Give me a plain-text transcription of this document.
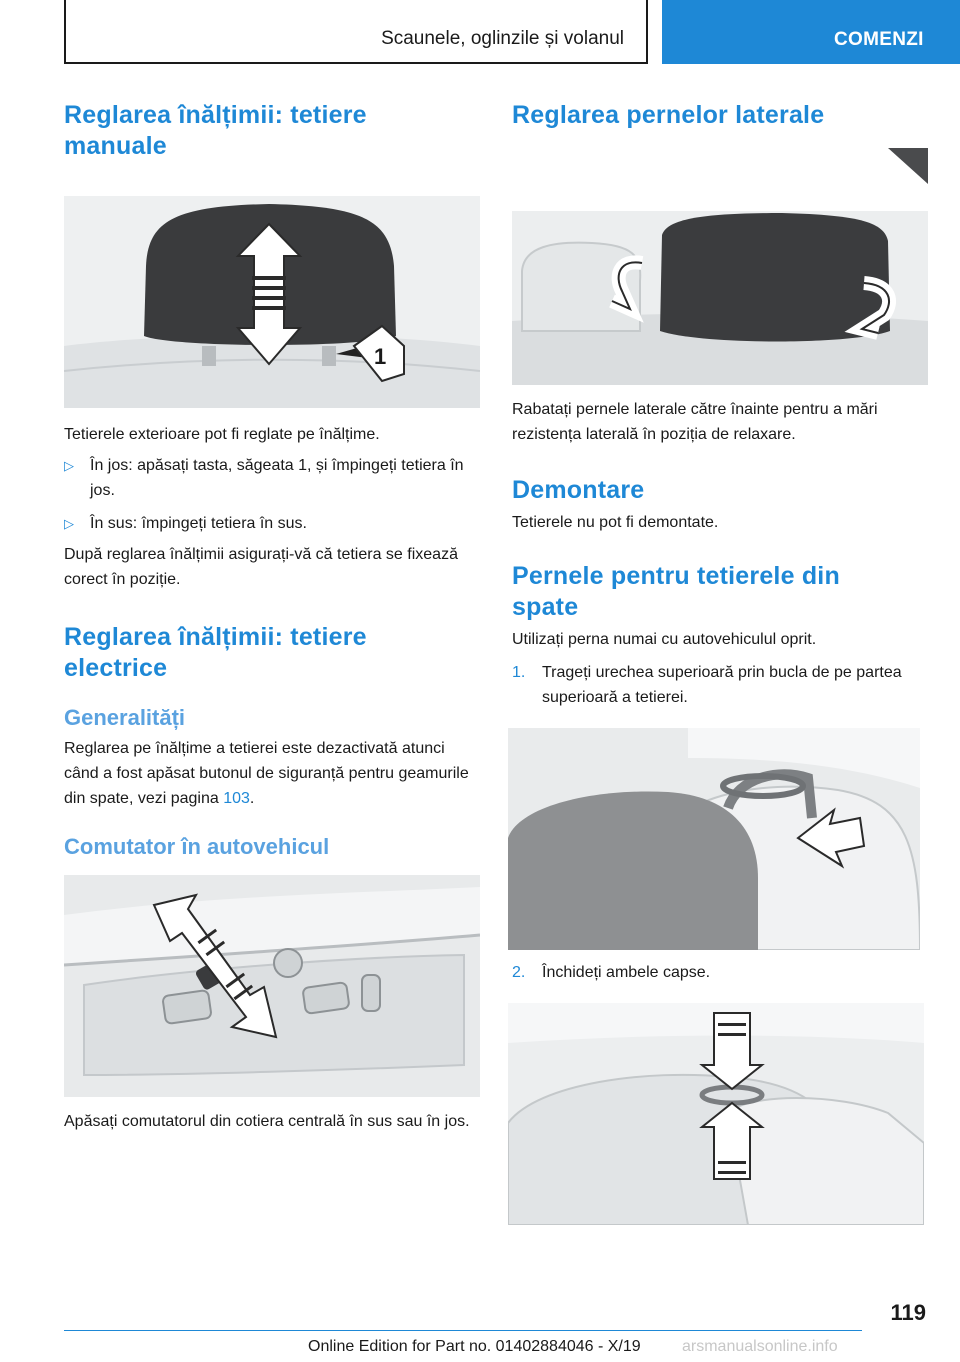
Scaunele, oglinzile și volanul	COMENZI
Reglarea înălțimii: tetiere manuale
1

Tetierele exterioare pot fi reglate pe înălțime.

▷ În jos: apăsați tasta, săgeata 1, și împingeți tetiera în jos.
▷ În sus: împingeți tetiera în sus.

După reglarea înălțimii asigurați-vă că tetiera se fixează corect în poziție.

Reglarea înălțimii: tetiere electrice
Generalități

Reglarea pe înălțime a tetierei este dezactivată atunci când a fost apăsat butonul de siguranță pentru geamurile din spate, vezi pagina 103.

Comutator în autovehicul

Apăsați comutatorul din cotiera centrală în sus sau în jos.

Reglarea pernelor laterale

Rabatați pernele laterale către înainte pentru a mări rezistența laterală în poziția de relaxare.

Demontare

Tetierele nu pot fi demontate.

Pernele pentru tetierele din spate

Utilizați perna numai cu autovehiculul oprit.

1. Trageți urechea superioară prin bucla de pe partea superioară a tetierei.
2. Închideți ambele capse.
119
Online Edition for Part no. 01402884046 - X/19	arsmanualsonline.info
